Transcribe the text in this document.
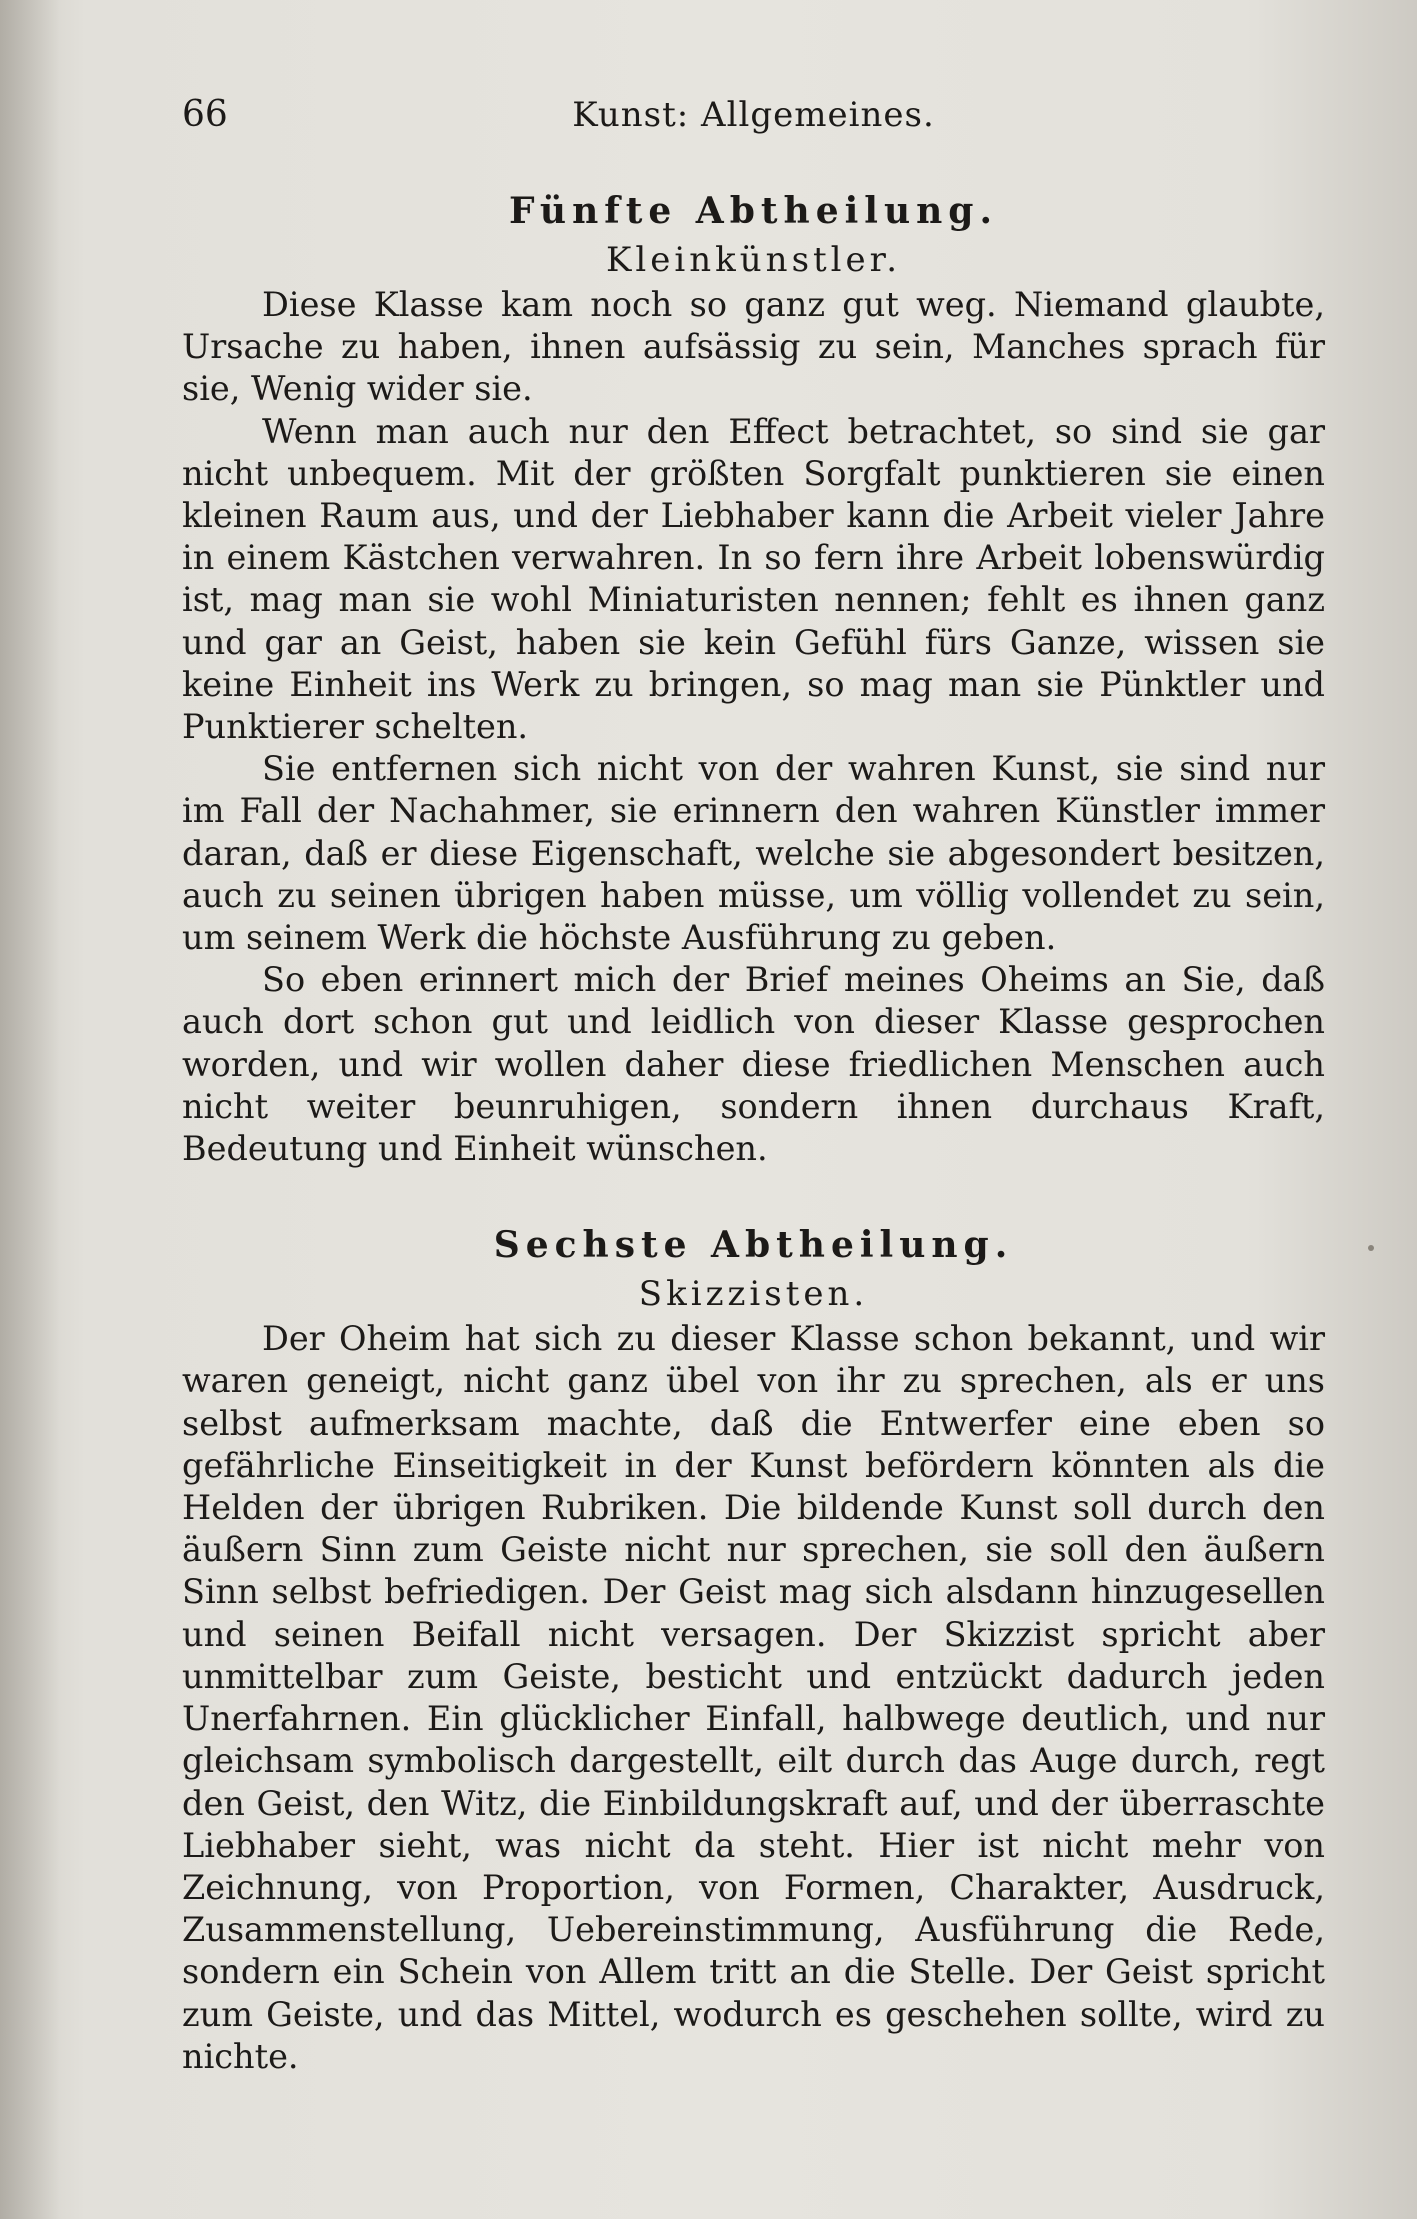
66	Kunst: Allgemeines.
Fünfte Abtheilung.
Kleinkünstler.

Diese Klasse kam noch so ganz gut weg. Niemand glaubte, Ursache zu haben, ihnen aufsässig zu sein, Manches sprach für sie, Wenig wider sie.

Wenn man auch nur den Effect betrachtet, so sind sie gar nicht unbequem. Mit der größten Sorgfalt punktieren sie einen kleinen Raum aus, und der Liebhaber kann die Arbeit vieler Jahre in einem Kästchen verwahren. In so fern ihre Arbeit lobenswürdig ist, mag man sie wohl Miniaturisten nennen; fehlt es ihnen ganz und gar an Geist, haben sie kein Gefühl fürs Ganze, wissen sie keine Einheit ins Werk zu bringen, so mag man sie Pünktler und Punktierer schelten.

Sie entfernen sich nicht von der wahren Kunst, sie sind nur im Fall der Nachahmer, sie erinnern den wahren Künstler immer daran, daß er diese Eigenschaft, welche sie abgesondert besitzen, auch zu seinen übrigen haben müsse, um völlig vollendet zu sein, um seinem Werk die höchste Ausführung zu geben.

So eben erinnert mich der Brief meines Oheims an Sie, daß auch dort schon gut und leidlich von dieser Klasse gesprochen worden, und wir wollen daher diese friedlichen Menschen auch nicht weiter beunruhigen, sondern ihnen durchaus Kraft, Bedeutung und Einheit wünschen.

Sechste Abtheilung.
Skizzisten.

Der Oheim hat sich zu dieser Klasse schon bekannt, und wir waren geneigt, nicht ganz übel von ihr zu sprechen, als er uns selbst aufmerksam machte, daß die Entwerfer eine eben so gefährliche Einseitigkeit in der Kunst befördern könnten als die Helden der übrigen Rubriken. Die bildende Kunst soll durch den äußern Sinn zum Geiste nicht nur sprechen, sie soll den äußern Sinn selbst befriedigen. Der Geist mag sich alsdann hinzugesellen und seinen Beifall nicht versagen. Der Skizzist spricht aber unmittelbar zum Geiste, besticht und entzückt dadurch jeden Unerfahrnen. Ein glücklicher Einfall, halbwege deutlich, und nur gleichsam symbolisch dargestellt, eilt durch das Auge durch, regt den Geist, den Witz, die Einbildungskraft auf, und der überraschte Liebhaber sieht, was nicht da steht. Hier ist nicht mehr von Zeichnung, von Proportion, von Formen, Charakter, Ausdruck, Zusammenstellung, Uebereinstimmung, Ausführung die Rede, sondern ein Schein von Allem tritt an die Stelle. Der Geist spricht zum Geiste, und das Mittel, wodurch es geschehen sollte, wird zu nichte.
